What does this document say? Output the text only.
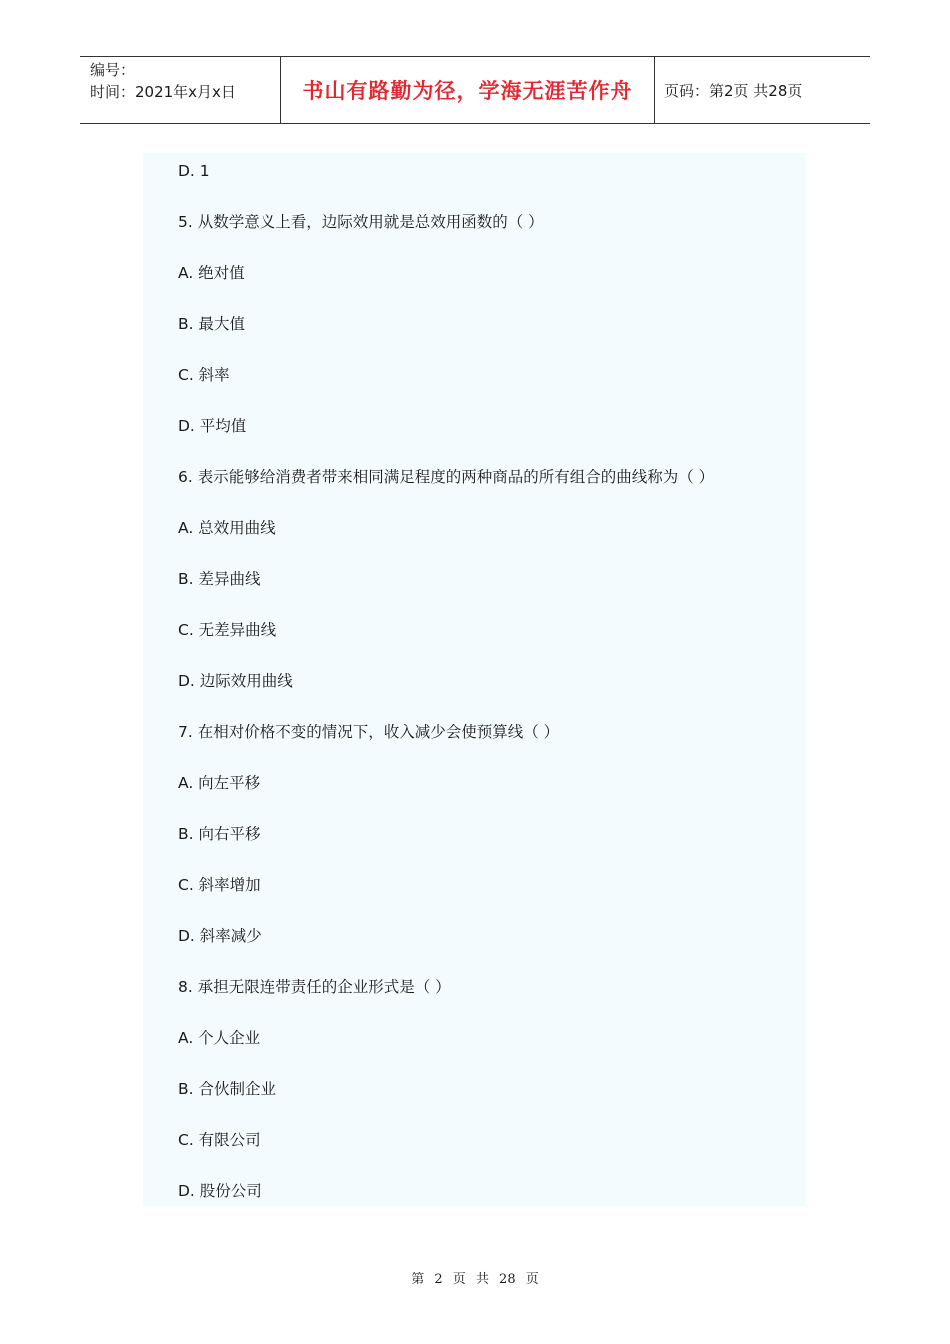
编号：
时间：2021年x月x日	书山有路勤为径，学海无涯苦作舟	页码：第2页 共28页
D. 1
5. 从数学意义上看，边际效用就是总效用函数的（ ）
A. 绝对值
B. 最大值
C. 斜率
D. 平均值
6. 表示能够给消费者带来相同满足程度的两种商品的所有组合的曲线称为（ ）
A. 总效用曲线
B. 差异曲线
C. 无差异曲线
D. 边际效用曲线
7. 在相对价格不变的情况下，收入减少会使预算线（ ）
A. 向左平移
B. 向右平移
C. 斜率增加
D. 斜率减少
8. 承担无限连带责任的企业形式是（ ）
A. 个人企业
B. 合伙制企业
C. 有限公司
D. 股份公司
第 2 页 共 28 页
